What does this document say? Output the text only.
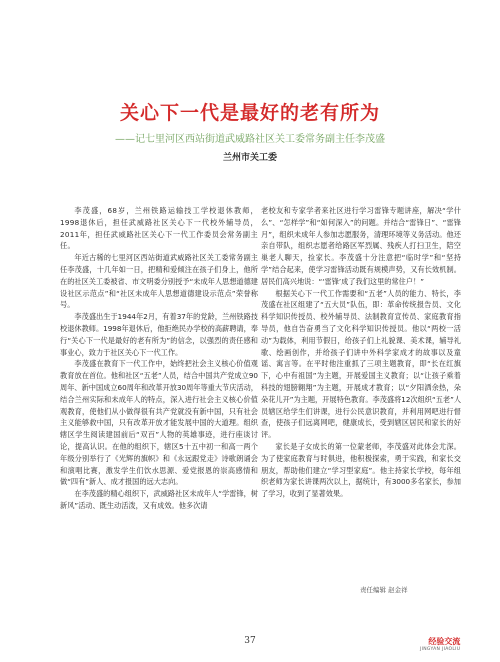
关心下一代是最好的老有所为
——记七里河区西站街道武威路社区关工委常务副主任李茂盛
兰州市关工委

李茂盛，68岁，兰州铁路运输技工学校退休教师，1998退休后，担任武威路社区关心下一代校外辅导员，2011年，担任武威路社区关心下一代工作委员会常务副主任。

年近古稀的七里河区西站街道武威路社区关工委常务副主任李茂盛，十几年如一日，把精和爱倾注在孩子们身上，他所在的社区关工委被省、市文明委分别授予“未成年人思想道德建设社区示范点”和“社区未成年人思想道德建设示范点”荣誉称号。

李茂盛出生于1944年2月，有着37年的党龄，兰州铁路技校退休教师。1998年退休后，他拒绝民办学校的高薪聘请，奉行“关心下一代是最好的老有所为”的信念，以强烈的责任感和事业心，致力于社区关心下一代工作。

李茂盛在教育下一代工作中，始终把社会主义核心价值观教育放在首位。他和社区“五老”人员，结合中国共产党成立90周年、新中国成立60周年和改革开放30周年等重大节庆活动，结合兰州实际和未成年人的特点，深入进行社会主义核心价值观教育，使他们从小做得很有共产党就没有新中国，只有社会主义能够救中国，只有改革开放才能发展中国的大道理。组织辖区学生阅读建国前后“双百”人物的英雄事迹，进行座谈讨论，提高认识。在他的组织下，辖区5十五中初一和高一两个年级分别举行了《光辉的旗帜》和《永远跟党走》诗歌朗诵会和演唱比赛，激发学生们饮水思源、爱党报恩的崇高感情和做“四有”新人、成才报国的远大志向。

在李茂盛的精心组织下，武威路社区未成年人“学雷锋，树新风”活动、既生动活泼，又有成效。他多次请

老校友和专家学者来社区进行学习雷锋专题讲座，解决“学什么”、“怎样学”和“如何深入”的问题。并结合“雷锋日”、“雷锋月”，组织未成年人参加志愿服务，清理环境等义务活动。他还亲自带队，组织志愿者给路区军烈属、残疾人打扫卫生，陪空巢老人聊天，捡家长。李茂盛十分注意把“临时学”和“坚持学”结合起来，使学习雷锋活动既有规模声势，又有长效机制。居民们高兴地说：“‘雷锋’成了我们这里的常住户！”

根据关心下一代工作需要和“五老”人员的能力、特长，李茂盛在社区组建了“五大员”队伍，即：革命传统报告员、文化科学知识传授员、校外辅导员、法制教育宣传员、家庭教育指导员，他自告奋勇当了文化科学知识传授员。他以“两校一活动”为载体，利用节假日，给孩子们上礼貌课、美术课，辅导礼歌、绘画创作，并给孩子们讲中外科学家成才的故事以及童谣、寓言等。在平时他注重抓了三项主题教育，即“长在红旗下，心中有祖国”为主题，开展爱国主义教育；以“让孩子乘着科技的翅膀翱翔”为主题，开展成才教育；以“夕阳洒余热，朵朵花儿开”为主题，开展特色教育。李茂盛将12次组织“五老”人员辖区给学生们讲课，进行公民意识教育，并利用网吧进行督查，使孩子们远离网吧，健康成长，受到辖区居民和家长的好评。

家长是子女成长的第一位蒙老师，李茂盛对此体会尤深。为了使家庭教育与时俱进，他积极探索，勇于实践，和家长交朋友，帮助他们建立“学习型家庭”。他主持家长学校，每年组织老师为家长讲课两次以上，据统计，有3000多名家长，参加了学习，收到了显著效果。

责任编辑 赵金祥
37	经验交流
JINGYAN JIAOLIU
